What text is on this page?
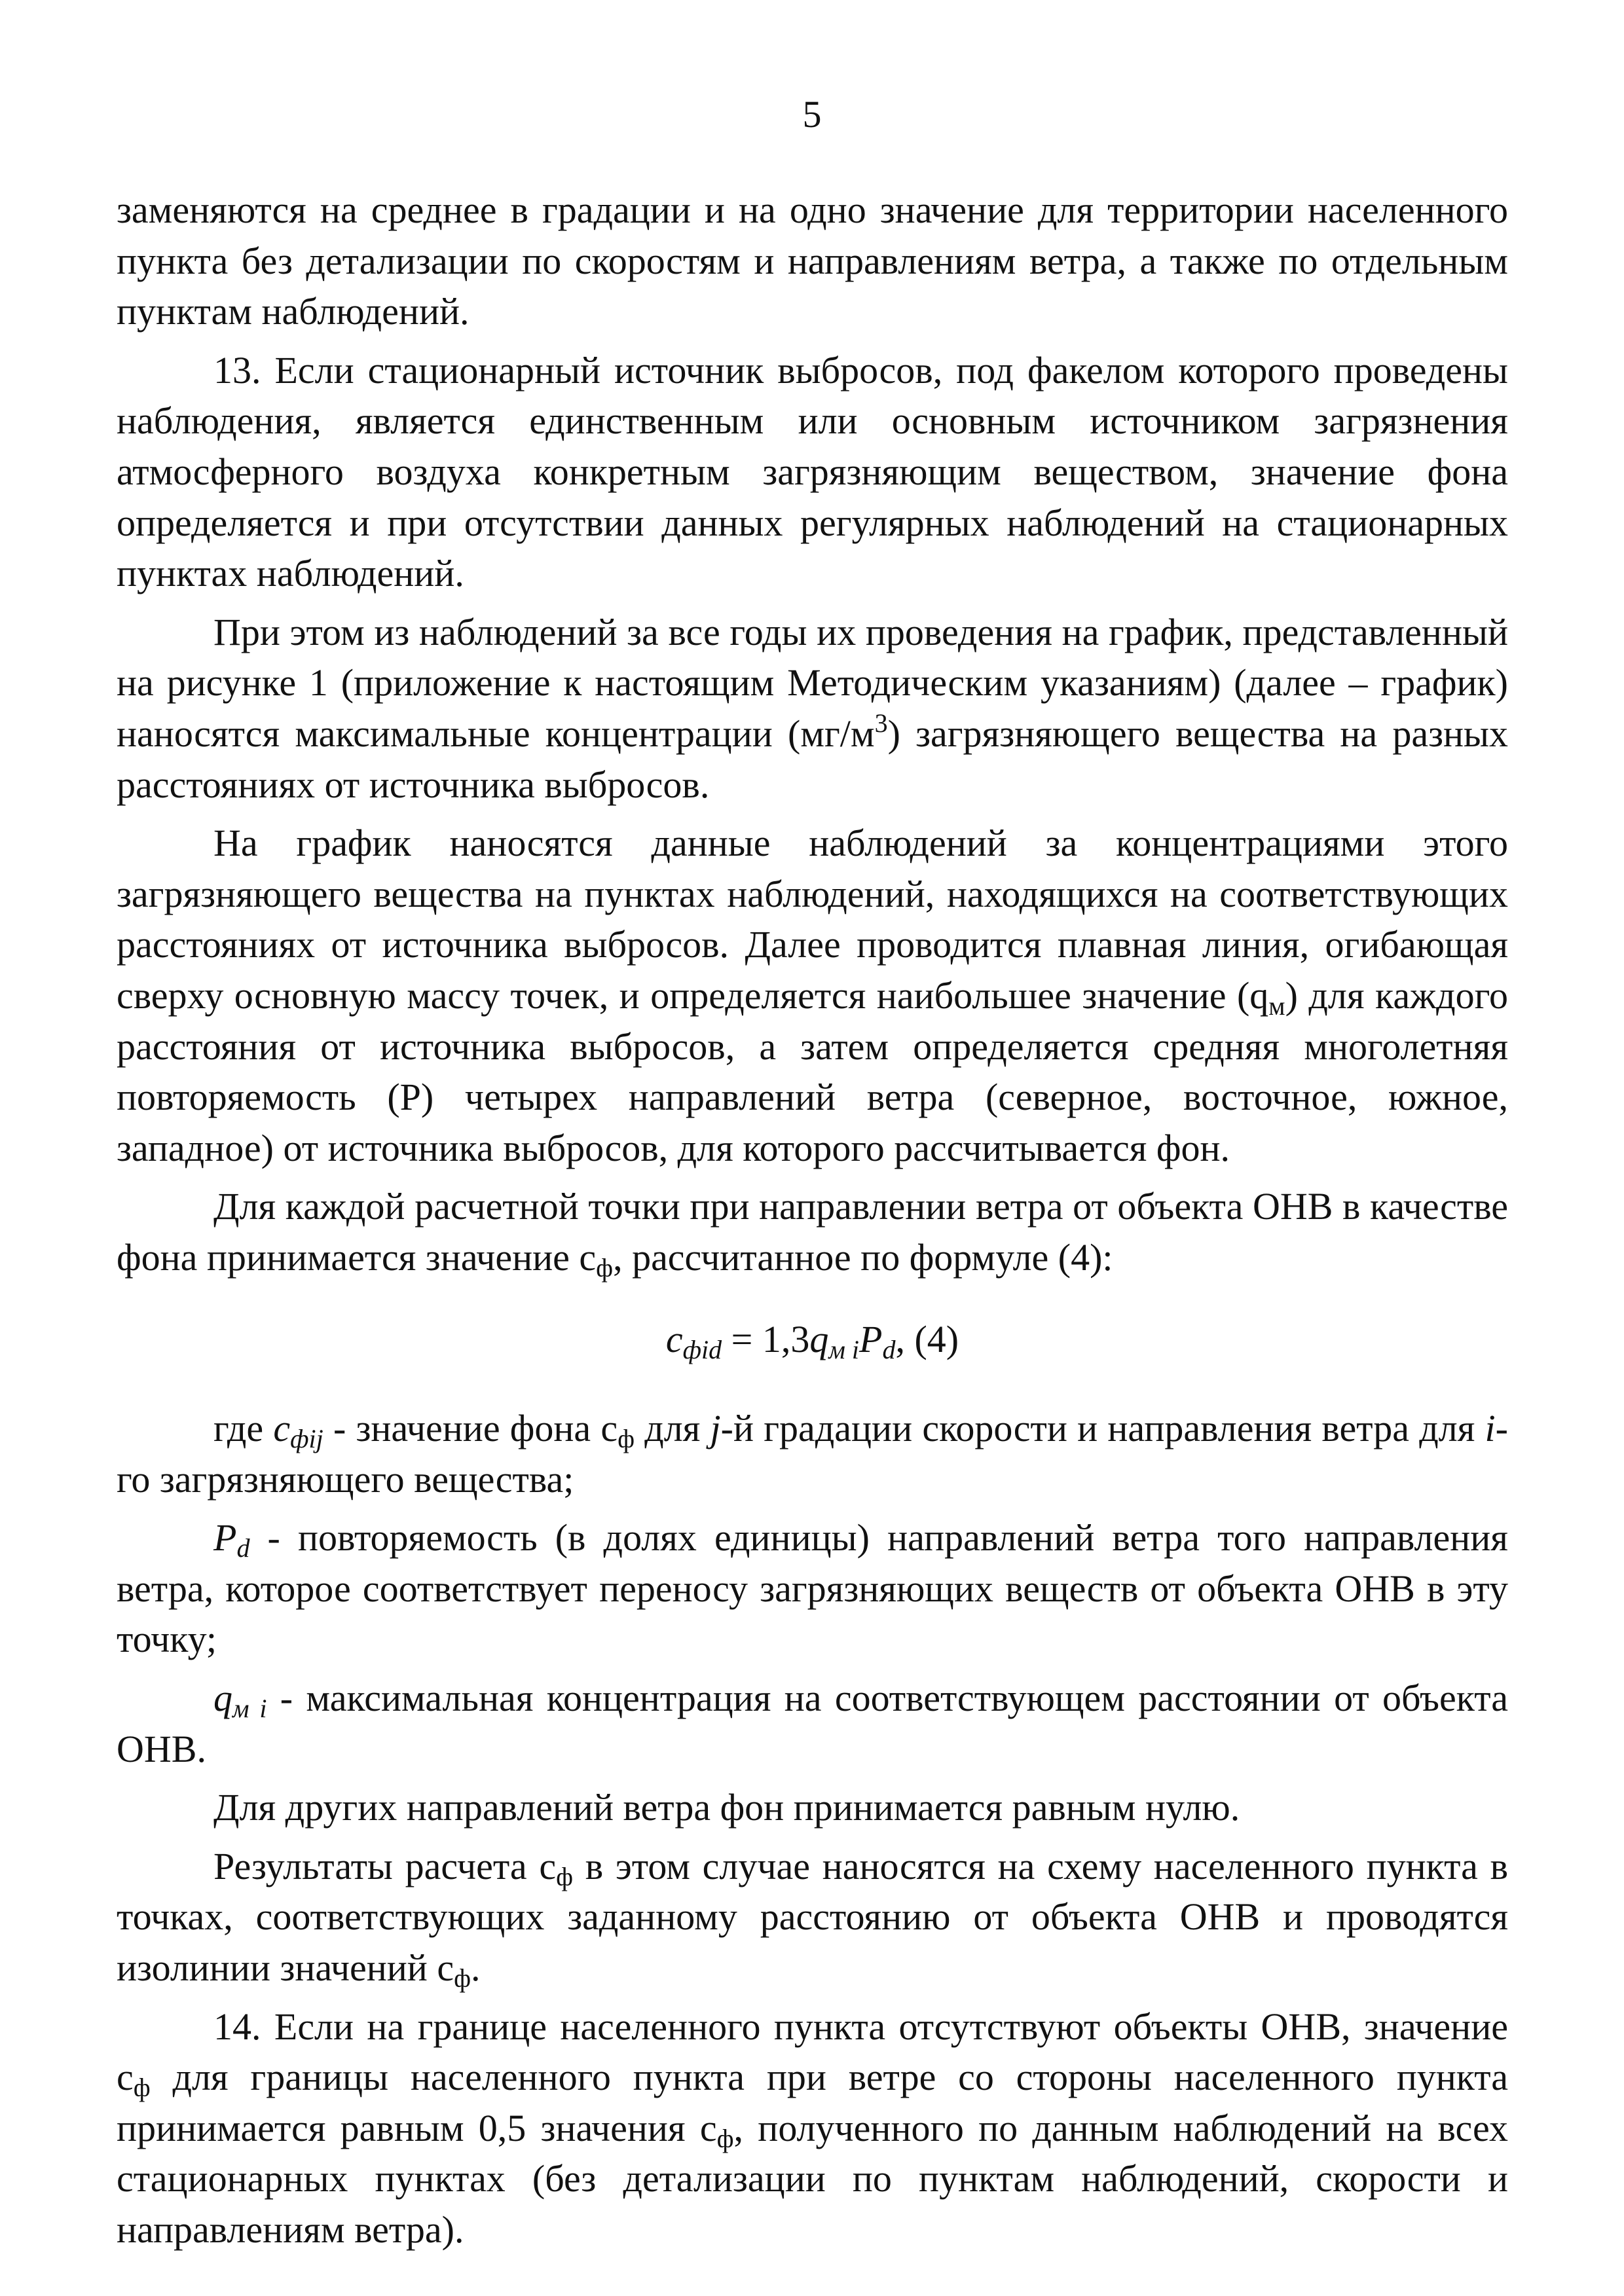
5

заменяются на среднее в градации и на одно значение для территории населенного пункта без детализации по скоростям и направлениям ветра, а также по отдельным пунктам наблюдений.

13. Если стационарный источник выбросов, под факелом которого проведены наблюдения, является единственным или основным источником загрязнения атмосферного воздуха конкретным загрязняющим веществом, значение фона определяется и при отсутствии данных регулярных наблюдений на стационарных пунктах наблюдений.

При этом из наблюдений за все годы их проведения на график, представленный на рисунке 1 (приложение к настоящим Методическим указаниям) (далее – график) наносятся максимальные концентрации $(мг/м^3)$ загрязняющего вещества на разных расстояниях от источника выбросов.

На график наносятся данные наблюдений за концентрациями этого загрязняющего вещества на пунктах наблюдений, находящихся на соответствующих расстояниях от источника выбросов. Далее проводится плавная линия, огибающая сверху основную массу точек, и определяется наибольшее значение $(q_м)$ для каждого расстояния от источника выбросов, а затем определяется средняя многолетняя повторяемость (Р) четырех направлений ветра (северное, восточное, южное, западное) от источника выбросов, для которого рассчитывается фон.

Для каждой расчетной точки при направлении ветра от объекта ОНВ в качестве фона принимается значение $с_ф$, рассчитанное по формуле (4):

$c_{фid} = 1,3q_{м i}P_d$, (4)

где $c_{фij}$ - значение фона $с_ф$ для j-й градации скорости и направления ветра для i-го загрязняющего вещества;

$P_d$ - повторяемость (в долях единицы) направлений ветра того направления ветра, которое соответствует переносу загрязняющих веществ от объекта ОНВ в эту точку;

$q_{м i}$ - максимальная концентрация на соответствующем расстоянии от объекта ОНВ.

Для других направлений ветра фон принимается равным нулю.

Результаты расчета $с_ф$ в этом случае наносятся на схему населенного пункта в точках, соответствующих заданному расстоянию от объекта ОНВ и проводятся изолинии значений $с_ф$.

14. Если на границе населенного пункта отсутствуют объекты ОНВ, значение $с_ф$ для границы населенного пункта при ветре со стороны населенного пункта принимается равным 0,5 значения $с_ф$, полученного по данным наблюдений на всех стационарных пунктах (без детализации по пунктам наблюдений, скорости и направлениям ветра).
